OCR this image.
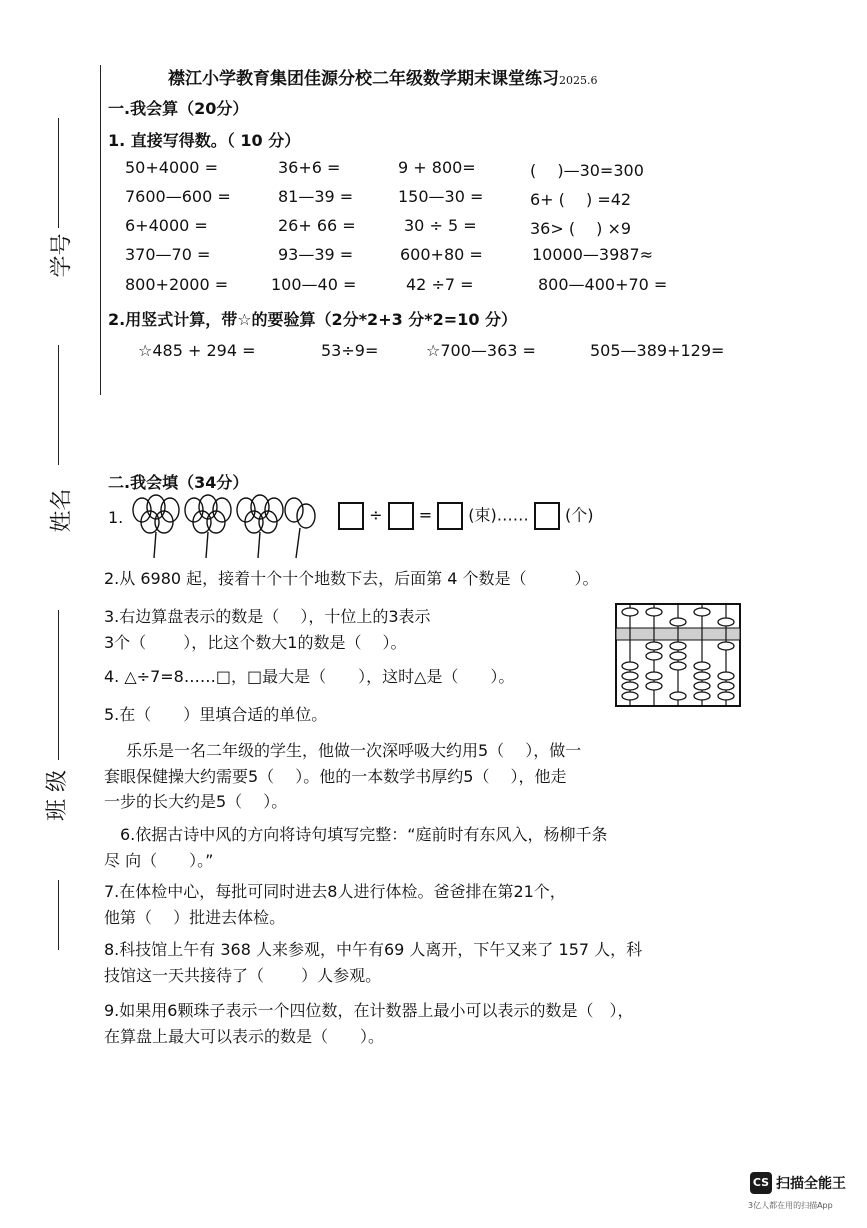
学号
姓名
班 级
襟江小学教育集团佳源分校二年级数学期末课堂练习2025.6
一.我会算（20分）
1. 直接写得数。（ 10 分）
50+4000 =	36+6 =	9 + 800=	(　 )—30=300
7600—600 =	81—39 =	150—30 =	6+ (　 ) =42
6+4000 =	26+ 66 =	30 ÷ 5 =	36> (　 ) ×9
370—70 =	93—39 =	600+80 =	10000—3987≈
800+2000 =	100—40 =	42 ÷7 =	800—400+70 =
2.用竖式计算，带☆的要验算（2分*2+3 分*2=10 分）
☆485 + 294 =	53÷9=	☆700—363 =	505—389+129=
二.我会填（34分）
1.	÷ = (束)…… (个)
2.从 6980 起，接着十个十个地数下去，后面第 4 个数是（　　　）。
3.右边算盘表示的数是（　 ），十位上的3表示
3个（　　 ），比这个数大1的数是（　 ）。
4. △÷7=8……□，□最大是（　　），这时△是（　　）。
5.在（　　）里填合适的单位。
乐乐是一名二年级的学生，他做一次深呼吸大约用5（　 ），做一
套眼保健操大约需要5（　 ）。他的一本数学书厚约5（　 ），他走
一步的长大约是5（　 ）。
6.依据古诗中风的方向将诗句填写完整：“庭前时有东风入，杨柳千条
尽 向（　　）。”
7.在体检中心，每批可同时进去8人进行体检。爸爸排在第21个，
他第（　 ）批进去体检。
8.科技馆上午有 368 人来参观，中午有69 人离开，下午又来了 157 人，科
技馆这一天共接待了（　　 ）人参观。
9.如果用6颗珠子表示一个四位数，在计数器上最小可以表示的数是（　），
在算盘上最大可以表示的数是（　　）。
CS 扫描全能王
3亿人都在用的扫描App
